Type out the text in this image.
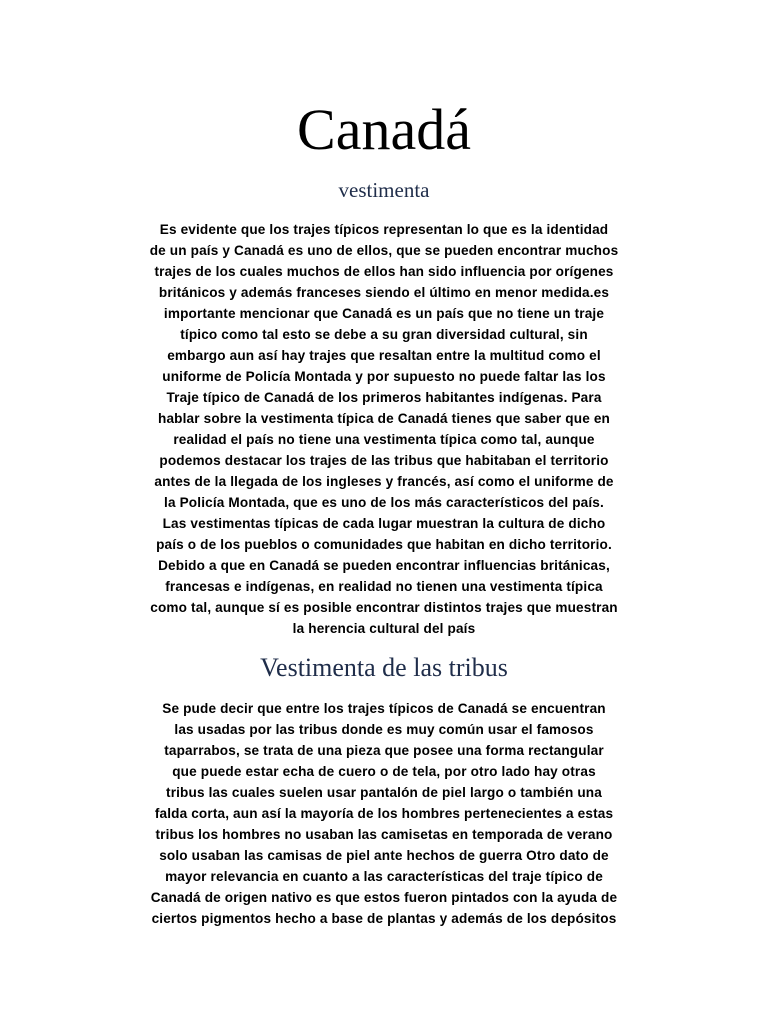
Canadá
vestimenta
Es evidente que los trajes típicos representan lo que es la identidad
de un país y Canadá es uno de ellos, que se pueden encontrar muchos
trajes de los cuales muchos de ellos han sido influencia por orígenes
británicos y además franceses siendo el último en menor medida.es
importante mencionar que Canadá es un país que no tiene un traje
típico como tal esto se debe a su gran diversidad cultural, sin
embargo aun así hay trajes que resaltan entre la multitud como el
uniforme de Policía Montada y por supuesto no puede faltar las los
Traje típico de Canadá de los primeros habitantes indígenas. Para
hablar sobre la vestimenta típica de Canadá tienes que saber que en
realidad el país no tiene una vestimenta típica como tal, aunque
podemos destacar los trajes de las tribus que habitaban el territorio
antes de la llegada de los ingleses y francés, así como el uniforme de
la Policía Montada, que es uno de los más característicos del país.
Las vestimentas típicas de cada lugar muestran la cultura de dicho
país o de los pueblos o comunidades que habitan en dicho territorio.
Debido a que en Canadá se pueden encontrar influencias británicas,
francesas e indígenas, en realidad no tienen una vestimenta típica
como tal, aunque sí es posible encontrar distintos trajes que muestran
la herencia cultural del país
Vestimenta de las tribus
Se pude decir que entre los trajes típicos de Canadá se encuentran
las usadas por las tribus donde es muy común usar el famosos
taparrabos, se trata de una pieza que posee una forma rectangular
que puede estar echa de cuero o de tela, por otro lado hay otras
tribus las cuales suelen usar pantalón de piel largo o también una
falda corta, aun así la mayoría de los hombres pertenecientes a estas
tribus los hombres no usaban las camisetas en temporada de verano
solo usaban las camisas de piel ante hechos de guerra Otro dato de
mayor relevancia en cuanto a las características del traje típico de
Canadá de origen nativo es que estos fueron pintados con la ayuda de
ciertos pigmentos hecho a base de plantas y además de los depósitos
